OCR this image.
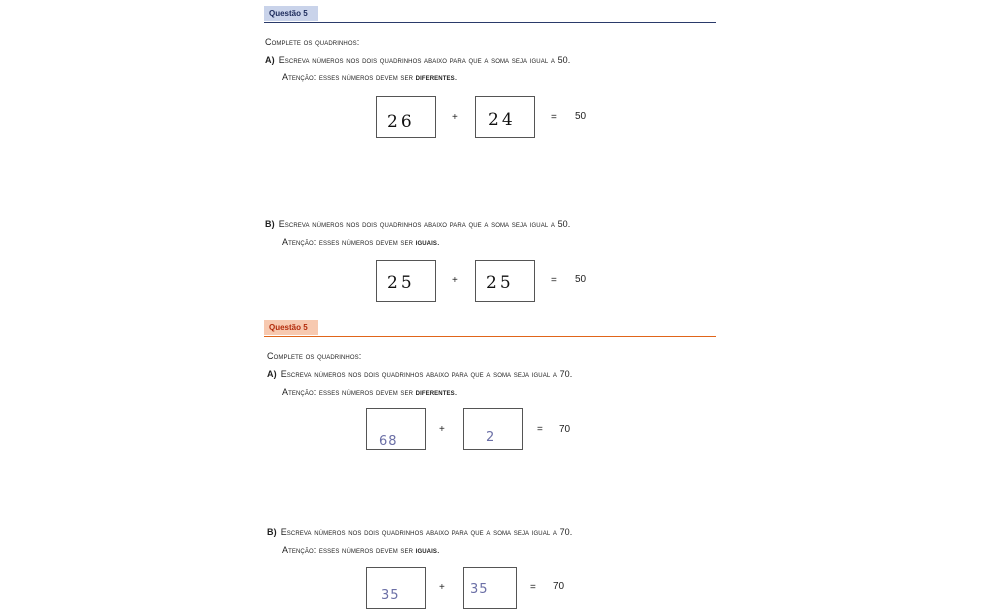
Questão 5
Complete os quadrinhos:
A) Escreva números nos dois quadrinhos abaixo para que a soma seja igual a 50.
Atenção: esses números devem ser diferentes.
26	+ 24	= 50
B) Escreva números nos dois quadrinhos abaixo para que a soma seja igual a 50.
Atenção: esses números devem ser iguais.
25	+ 25	= 50
Questão 5
Complete os quadrinhos:
A) Escreva números nos dois quadrinhos abaixo para que a soma seja igual a 70.
Atenção: esses números devem ser diferentes.
68
+
2
= 70
B) Escreva números nos dois quadrinhos abaixo para que a soma seja igual a 70.
Atenção: esses números devem ser iguais.
35
+ 35	= 70
